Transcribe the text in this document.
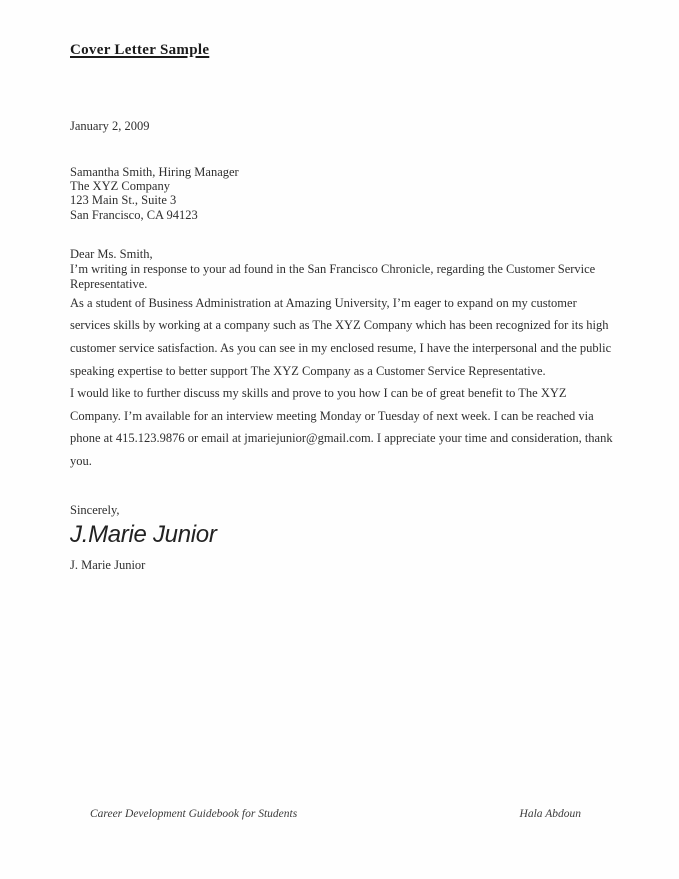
Cover Letter Sample
January 2, 2009
Samantha Smith, Hiring Manager
The XYZ Company
123 Main St., Suite 3
San Francisco, CA 94123
Dear Ms. Smith,

I’m writing in response to your ad found in the San Francisco Chronicle, regarding the Customer Service Representative.

As a student of Business Administration at Amazing University, I’m eager to expand on my customer services skills by working at a company such as The XYZ Company which has been recognized for its high customer service satisfaction. As you can see in my enclosed resume, I have the interpersonal and the public speaking expertise to better support The XYZ Company as a Customer Service Representative.

I would like to further discuss my skills and prove to you how I can be of great benefit to The XYZ Company. I’m available for an interview meeting Monday or Tuesday of next week. I can be reached via phone at 415.123.9876 or email at jmariejunior@gmail.com. I appreciate your time and consideration, thank you.

Sincerely,
J.Marie Junior
J. Marie Junior
Career Development Guidebook for Students	Hala Abdoun
